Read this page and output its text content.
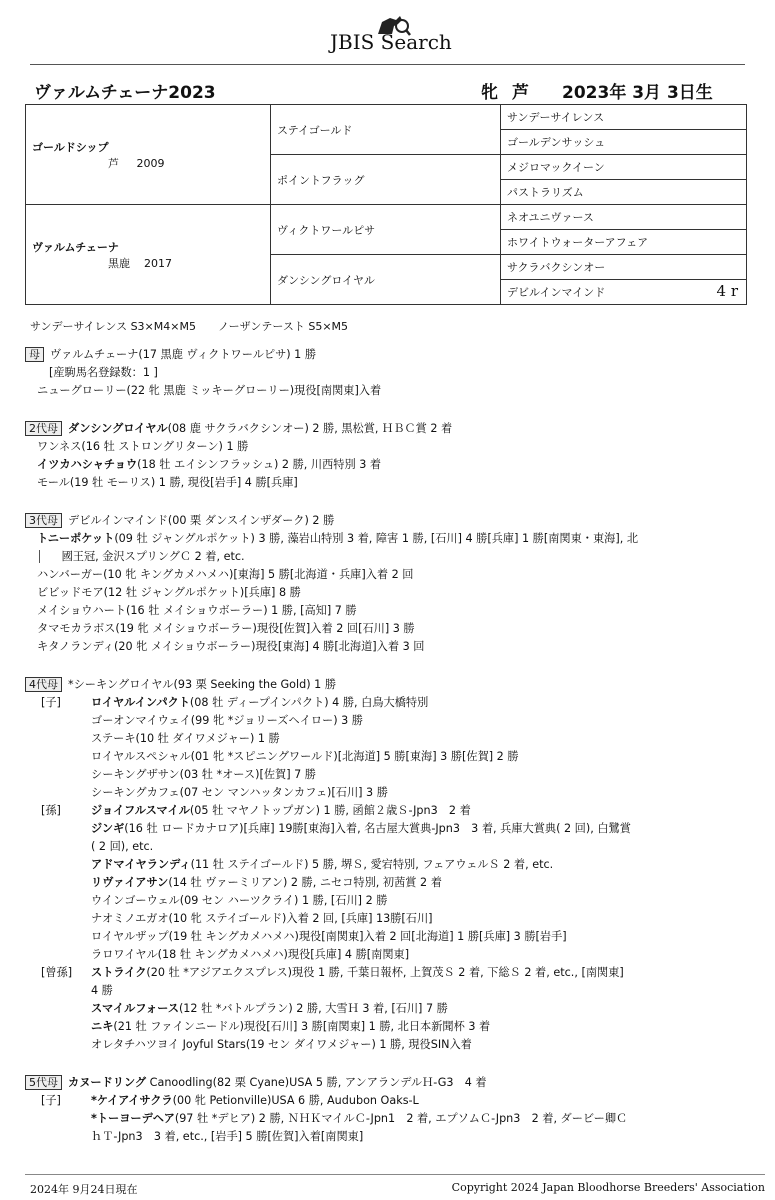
JBIS Search
ヴァルムチェーナ2023	牝 芦 2023年 3月 3日生
ゴールドシップ
芦 2009	ステイゴールド	サンデーサイレンス
		ゴールデンサッシュ
	ポイントフラッグ	メジロマックイーン
		パストラリズム

ヴァルムチェーナ
黒鹿 2017	ヴィクトワールピサ	ネオユニヴァース
		ホワイトウォーターアフェア
	ダンシングロイヤル	サクラバクシンオー
		デビルインマインド 4 r
サンデーサイレンス S3×M4×M5　　ノーザンテースト S5×M5
母 ヴァルムチェーナ(17 黒鹿 ヴィクトワールピサ) 1 勝
[産駒馬名登録数：1 ]
ニューグローリー(22 牝 黒鹿 ミッキーグローリー)現役[南関東]入着
2代母 ダンシングロイヤル(08 鹿 サクラバクシンオー) 2 勝, 黒松賞, ＨＢＣ賞 2 着
ワンネス(16 牡 ストロングリターン) 1 勝
イツカハシャチョウ(18 牡 エイシンフラッシュ) 2 勝, 川西特別 3 着
モール(19 牡 モーリス) 1 勝, 現役[岩手] 4 勝[兵庫]
3代母 デビルインマインド(00 栗 ダンスインザダーク) 2 勝
トニーポケット(09 牡 ジャングルポケット) 3 勝, 藻岩山特別 3 着, 障害 1 勝, [石川] 4 勝[兵庫] 1 勝[南関東・東海], 北
國王冠, 金沢スプリングＣ 2 着, etc.
ハンバーガー(10 牝 キングカメハメハ)[東海] 5 勝[北海道・兵庫]入着 2 回
ビビッドモア(12 牡 ジャングルポケット)[兵庫] 8 勝
メイショウハート(16 牡 メイショウボーラー) 1 勝, [高知] 7 勝
タマモカラボス(19 牝 メイショウボーラー)現役[佐賀]入着 2 回[石川] 3 勝
キタノランディ(20 牝 メイショウボーラー)現役[東海] 4 勝[北海道]入着 3 回
4代母 *シーキングロイヤル(93 栗 Seeking the Gold) 1 勝
[子]	ロイヤルインパクト(08 牡 ディープインパクト) 4 勝, 白鳥大橋特別
ゴーオンマイウェイ(99 牝 *ジョリーズヘイロー) 3 勝
ステーキ(10 牡 ダイワメジャー) 1 勝
ロイヤルスペシャル(01 牝 *スピニングワールド)[北海道] 5 勝[東海] 3 勝[佐賀] 2 勝
シーキングザサン(03 牡 *オース)[佐賀] 7 勝
シーキングカフェ(07 セン マンハッタンカフェ)[石川] 3 勝
[孫]	ジョイフルスマイル(05 牡 マヤノトップガン) 1 勝, 函館２歳Ｓ-Jpn3　2 着
ジンギ(16 牡 ロードカナロア)[兵庫] 19勝[東海]入着, 名古屋大賞典-Jpn3　3 着, 兵庫大賞典( 2 回), 白鷺賞
( 2 回), etc.
アドマイヤランディ(11 牡 ステイゴールド) 5 勝, 堺Ｓ, 愛宕特別, フェアウェルＳ 2 着, etc.
リヴァイアサン(14 牡 ヴァーミリアン) 2 勝, ニセコ特別, 初茜賞 2 着
ウインゴーウェル(09 セン ハーツクライ) 1 勝, [石川] 2 勝
ナオミノエガオ(10 牝 ステイゴールド)入着 2 回, [兵庫] 13勝[石川]
ロイヤルザップ(19 牡 キングカメハメハ)現役[南関東]入着 2 回[北海道] 1 勝[兵庫] 3 勝[岩手]
ラロワイヤル(18 牡 キングカメハメハ)現役[兵庫] 4 勝[南関東]
[曾孫] ストライク(20 牡 *アジアエクスプレス)現役 1 勝, 千葉日報杯, 上賀茂Ｓ 2 着, 下総Ｓ 2 着, etc., [南関東]
4 勝
スマイルフォース(12 牡 *バトルプラン) 2 勝, 大雪Ｈ 3 着, [石川] 7 勝
ニキ(21 牡 ファインニードル)現役[石川] 3 勝[南関東] 1 勝, 北日本新聞杯 3 着
オレタチハツヨイ Joyful Stars(19 セン ダイワメジャー) 1 勝, 現役SIN入着
5代母 カヌードリング Canoodling(82 栗 Cyane)USA 5 勝, アンアランデルＨ-G3　4 着
[子]	*ケイアイサクラ(00 牝 Petionville)USA 6 勝, Audubon Oaks-L
*トーヨーデヘア(97 牡 *デヒア) 2 勝, ＮＨＫマイルＣ-Jpn1　2 着, エプソムＣ-Jpn3　2 着, ダービー卿Ｃ
ｈＴ-Jpn3　3 着, etc., [岩手] 5 勝[佐賀]入着[南関東]
2024年 9月24日現在	Copyright 2024 Japan Bloodhorse Breeders' Association
